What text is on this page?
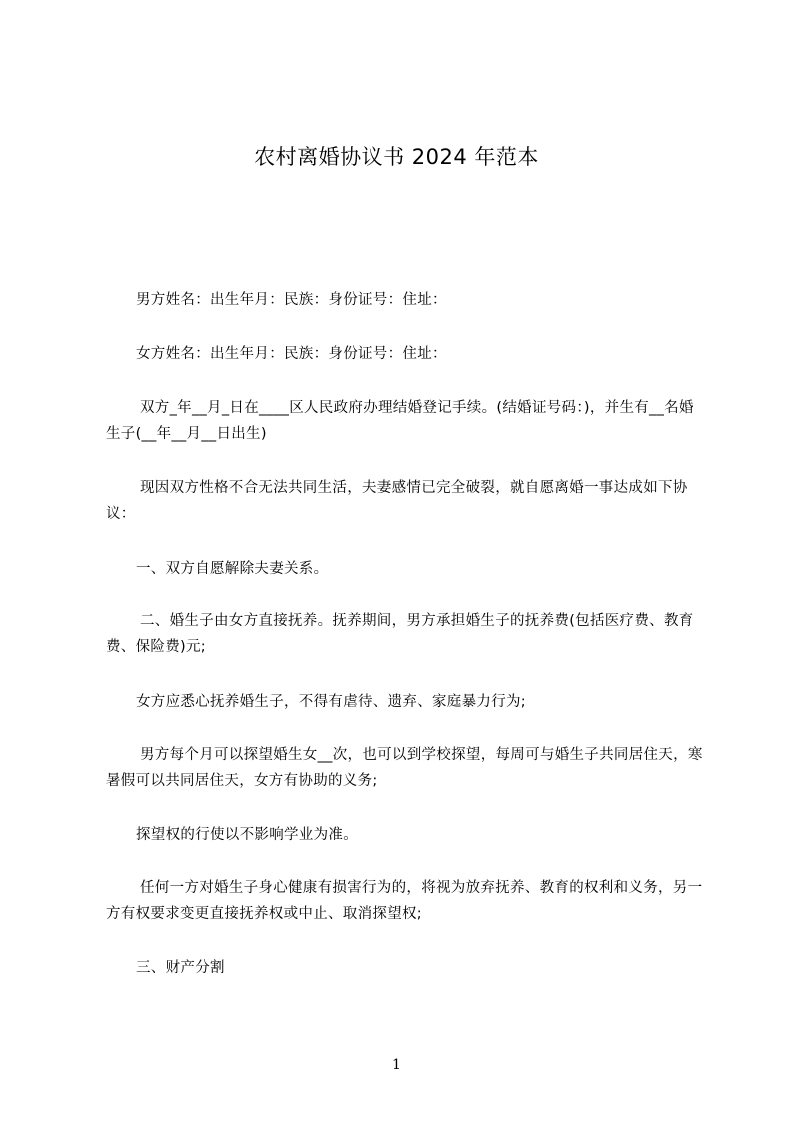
农村离婚协议书 2024 年范本

男方姓名：出生年月：民族：身份证号：住址：

女方姓名：出生年月：民族：身份证号：住址：

双方_年__月_日在____区人民政府办理结婚登记手续。(结婚证号码：)，并生有__名婚生子(__年__月__日出生)

现因双方性格不合无法共同生活，夫妻感情已完全破裂，就自愿离婚一事达成如下协议：

一、双方自愿解除夫妻关系。

二、婚生子由女方直接抚养。抚养期间，男方承担婚生子的抚养费(包括医疗费、教育费、保险费)元;

女方应悉心抚养婚生子，不得有虐待、遗弃、家庭暴力行为;

男方每个月可以探望婚生女__次，也可以到学校探望，每周可与婚生子共同居住天，寒暑假可以共同居住天，女方有协助的义务;

探望权的行使以不影响学业为准。

任何一方对婚生子身心健康有损害行为的，将视为放弃抚养、教育的权利和义务，另一方有权要求变更直接抚养权或中止、取消探望权;

三、财产分割

1
